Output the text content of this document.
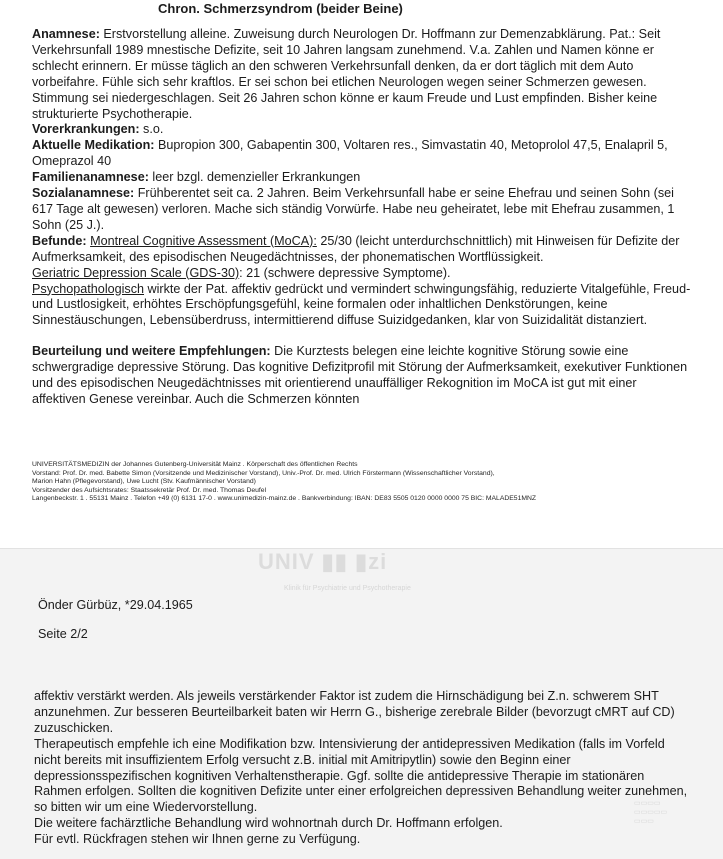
Chron. Schmerzsyndrom (beider Beine)

Anamnese: Erstvorstellung alleine. Zuweisung durch Neurologen Dr. Hoffmann zur Demenzabklärung. Pat.: Seit Verkehrsunfall 1989 mnestische Defizite, seit 10 Jahren langsam zunehmend. V.a. Zahlen und Namen könne er schlecht erinnern. Er müsse täglich an den schweren Verkehrsunfall denken, da er dort täglich mit dem Auto vorbeifahre. Fühle sich sehr kraftlos. Er sei schon bei etlichen Neurologen wegen seiner Schmerzen gewesen. Stimmung sei niedergeschlagen. Seit 26 Jahren schon könne er kaum Freude und Lust empfinden. Bisher keine strukturierte Psychotherapie.

Vorerkrankungen: s.o.

Aktuelle Medikation: Bupropion 300, Gabapentin 300, Voltaren res., Simvastatin 40, Metoprolol 47,5, Enalapril 5, Omeprazol 40

Familienanamnese: leer bzgl. demenzieller Erkrankungen

Sozialanamnese: Frühberentet seit ca. 2 Jahren. Beim Verkehrsunfall habe er seine Ehefrau und seinen Sohn (sei 617 Tage alt gewesen) verloren. Mache sich ständig Vorwürfe. Habe neu geheiratet, lebe mit Ehefrau zusammen, 1 Sohn (25 J.).

Befunde: Montreal Cognitive Assessment (MoCA): 25/30 (leicht unterdurchschnittlich) mit Hinweisen für Defizite der Aufmerksamkeit, des episodischen Neugedächtnisses, der phonematischen Wortflüssigkeit.

Geriatric Depression Scale (GDS-30): 21 (schwere depressive Symptome).

Psychopathologisch wirkte der Pat. affektiv gedrückt und vermindert schwingungsfähig, reduzierte Vitalgefühle, Freud- und Lustlosigkeit, erhöhtes Erschöpfungsgefühl, keine formalen oder inhaltlichen Denkstörungen, keine Sinnestäuschungen, Lebensüberdruss, intermittierend diffuse Suizidgedanken, klar von Suizidalität distanziert.

Beurteilung und weitere Empfehlungen: Die Kurztests belegen eine leichte kognitive Störung sowie eine schwergradige depressive Störung. Das kognitive Defizitprofil mit Störung der Aufmerksamkeit, exekutiver Funktionen und des episodischen Neugedächtnisses mit orientierend unauffälliger Rekognition im MoCA ist gut mit einer affektiven Genese vereinbar. Auch die Schmerzen könnten

UNIVERSITÄTSMEDIZIN der Johannes Gutenberg-Universität Mainz . Körperschaft des öffentlichen Rechts
Vorstand: Prof. Dr. med. Babette Simon (Vorsitzende und Medizinischer Vorstand), Univ.-Prof. Dr. med. Ulrich Förstermann (Wissenschaftlicher Vorstand),
Marion Hahn (Pflegevorstand), Uwe Lucht (Stv. Kaufmännischer Vorstand)
Vorsitzender des Aufsichtsrates: Staatssekretär Prof. Dr. med. Thomas Deufel
Langenbeckstr. 1 . 55131 Mainz . Telefon +49 (0) 6131 17-0 . www.unimedizin-mainz.de . Bankverbindung: IBAN: DE83 5505 0120 0000 0000 75 BIC: MALADE51MNZ
UNIV ▮▮ ▮zi
Klinik für Psychiatrie und Psychotherapie
▭▭▭▭
▭▭▭▭▭
▭▭▭
Önder Gürbüz, *29.04.1965
Seite 2/2

affektiv verstärkt werden. Als jeweils verstärkender Faktor ist zudem die Hirnschädigung bei Z.n. schwerem SHT anzunehmen. Zur besseren Beurteilbarkeit baten wir Herrn G., bisherige zerebrale Bilder (bevorzugt cMRT auf CD) zuzuschicken.

Therapeutisch empfehle ich eine Modifikation bzw. Intensivierung der antidepressiven Medikation (falls im Vorfeld nicht bereits mit insuffizientem Erfolg versucht z.B. initial mit Amitripytlin) sowie den Beginn einer depressionsspezifischen kognitiven Verhaltenstherapie. Ggf. sollte die antidepressive Therapie im stationären Rahmen erfolgen. Sollten die kognitiven Defizite unter einer erfolgreichen depressiven Behandlung weiter zunehmen, so bitten wir um eine Wiedervorstellung.

Die weitere fachärztliche Behandlung wird wohnortnah durch Dr. Hoffmann erfolgen.

Für evtl. Rückfragen stehen wir Ihnen gerne zu Verfügung.
